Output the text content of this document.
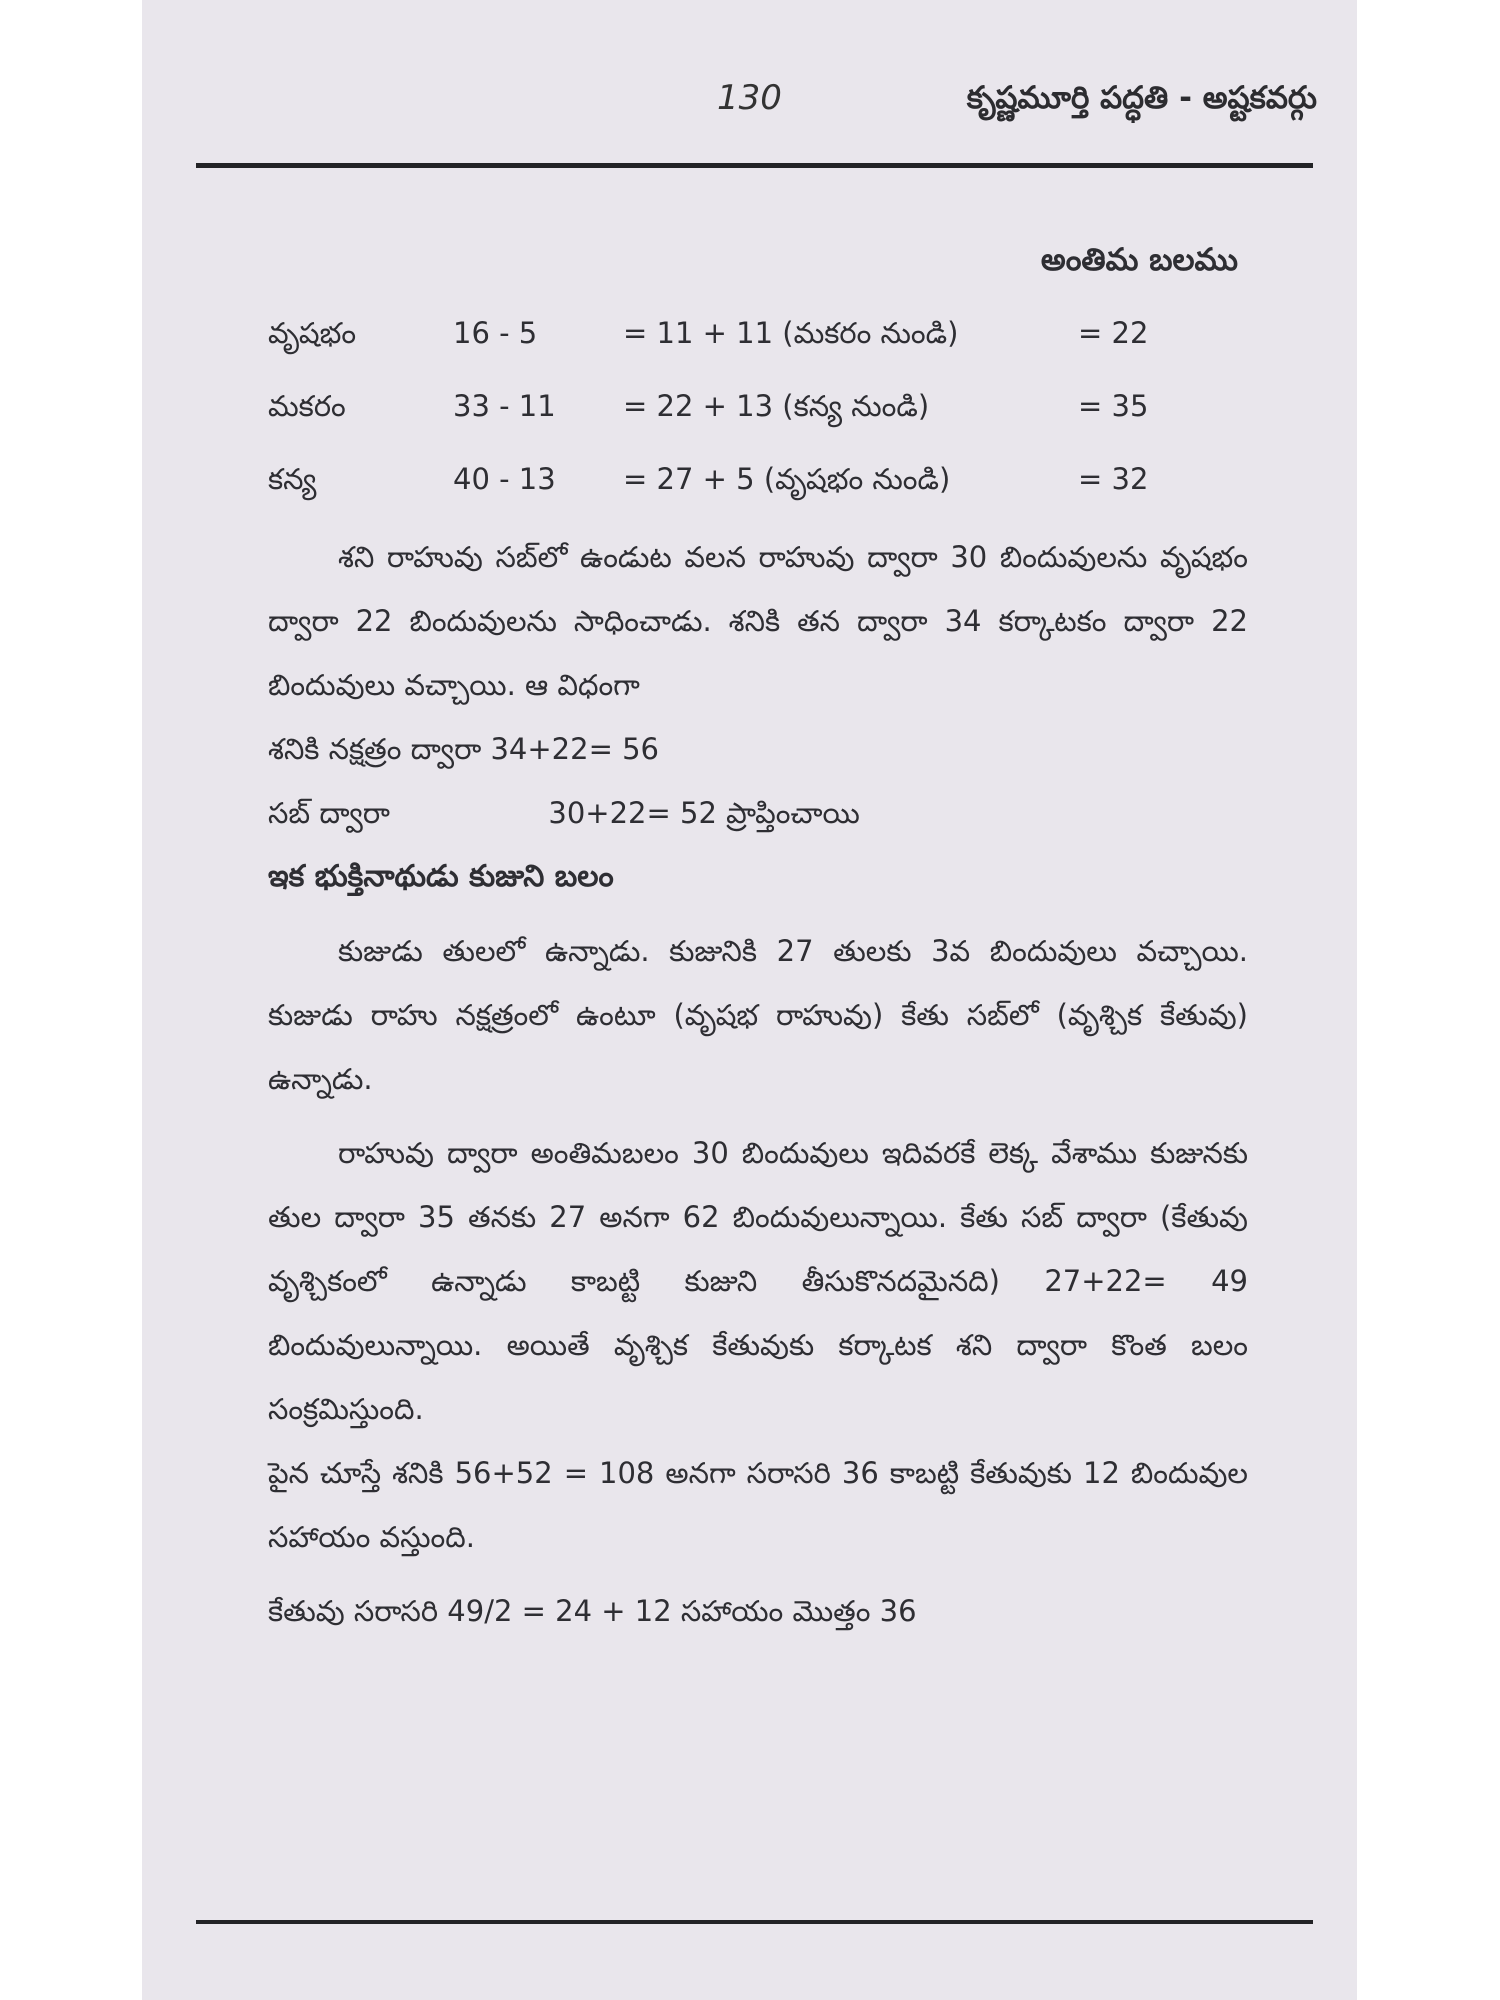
130	కృష్ణమూర్తి పద్ధతి - అష్టకవర్గు
అంతిమ బలము
వృషభం	16 - 5	= 11 + 11 (మకరం నుండి)	= 22
మకరం	33 - 11	= 22 + 13 (కన్య నుండి)	= 35
కన్య	40 - 13	= 27 + 5 (వృషభం నుండి)	= 32

శని రాహువు సబ్‌లో ఉండుట వలన రాహువు ద్వారా 30 బిందువులను వృషభం ద్వారా 22 బిందువులను సాధించాడు. శనికి తన ద్వారా 34 కర్కాటకం ద్వారా 22 బిందువులు వచ్చాయి. ఆ విధంగా

శనికి నక్షత్రం ద్వారా 34+22= 56

సబ్ ద్వారా	30+22= 52 ప్రాప్తించాయి

ఇక భుక్తినాథుడు కుజుని బలం

కుజుడు తులలో ఉన్నాడు. కుజునికి 27 తులకు 3వ బిందువులు వచ్చాయి. కుజుడు రాహు నక్షత్రంలో ఉంటూ (వృషభ రాహువు) కేతు సబ్‌లో (వృశ్చిక కేతువు) ఉన్నాడు.

రాహువు ద్వారా అంతిమబలం 30 బిందువులు ఇదివరకే లెక్క వేశాము కుజునకు తుల ద్వారా 35 తనకు 27 అనగా 62 బిందువులున్నాయి. కేతు సబ్ ద్వారా (కేతువు వృశ్చికంలో ఉన్నాడు కాబట్టి కుజుని తీసుకొనదమైనది) 27+22= 49 బిందువులున్నాయి. అయితే వృశ్చిక కేతువుకు కర్కాటక శని ద్వారా కొంత బలం సంక్రమిస్తుంది.

పైన చూస్తే శనికి 56+52 = 108 అనగా సరాసరి 36 కాబట్టి కేతువుకు 12 బిందువుల సహాయం వస్తుంది.

కేతువు సరాసరి 49/2 = 24 + 12 సహాయం మొత్తం 36
